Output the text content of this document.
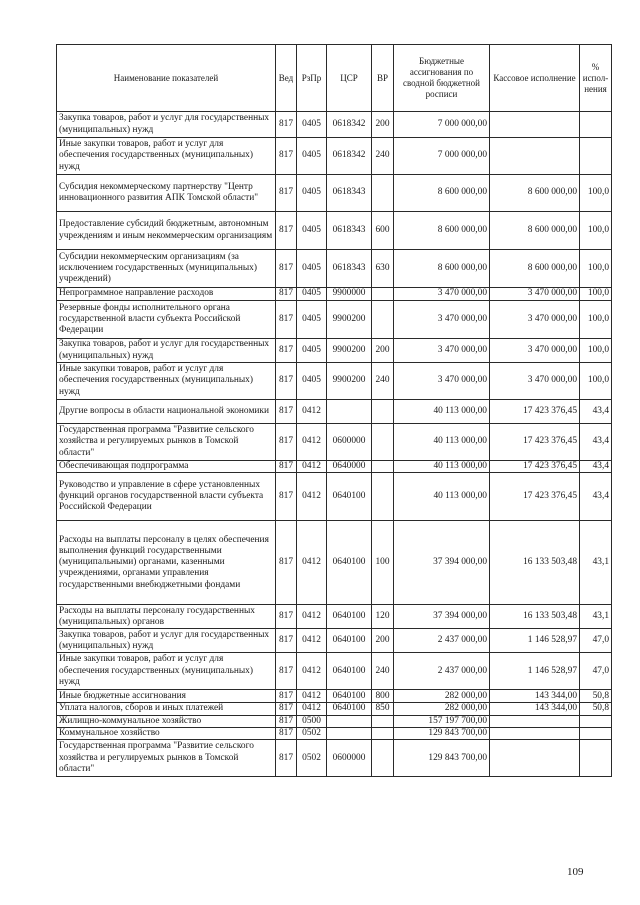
Наименование показателей	Вед	РзПр	ЦСР	ВР	Бюджетные ассигнования по сводной бюджетной росписи	Кассовое исполнение	% испол-нения
Закупка товаров, работ и услуг для государственных (муниципальных) нужд	817	0405	0618342	200	7 000 000,00		
Иные закупки товаров, работ и услуг для обеспечения государственных (муниципальных) нужд	817	0405	0618342	240	7 000 000,00		
Субсидия некоммерческому партнерству "Центр инновационного развития АПК Томской области"	817	0405	0618343		8 600 000,00	8 600 000,00	100,0
Предоставление субсидий бюджетным, автономным учреждениям и иным некоммерческим организациям	817	0405	0618343	600	8 600 000,00	8 600 000,00	100,0
Субсидии некоммерческим организациям (за исключением государственных (муниципальных) учреждений)	817	0405	0618343	630	8 600 000,00	8 600 000,00	100,0
Непрограммное направление расходов	817	0405	9900000		3 470 000,00	3 470 000,00	100,0
Резервные фонды исполнительного органа государственной власти субъекта Российской Федерации	817	0405	9900200		3 470 000,00	3 470 000,00	100,0
Закупка товаров, работ и услуг для государственных (муниципальных) нужд	817	0405	9900200	200	3 470 000,00	3 470 000,00	100,0
Иные закупки товаров, работ и услуг для обеспечения государственных (муниципальных) нужд	817	0405	9900200	240	3 470 000,00	3 470 000,00	100,0
Другие вопросы в области национальной экономики	817	0412			40 113 000,00	17 423 376,45	43,4
Государственная программа "Развитие сельского хозяйства и регулируемых рынков в Томской области"	817	0412	0600000		40 113 000,00	17 423 376,45	43,4
Обеспечивающая подпрограмма	817	0412	0640000		40 113 000,00	17 423 376,45	43,4
Руководство и управление в сфере установленных функций органов государственной власти субъекта Российской Федерации	817	0412	0640100		40 113 000,00	17 423 376,45	43,4
Расходы на выплаты персоналу в целях обеспечения выполнения функций государственными (муниципальными) органами, казенными учреждениями, органами управления государственными внебюджетными фондами	817	0412	0640100	100	37 394 000,00	16 133 503,48	43,1
Расходы на выплаты персоналу государственных (муниципальных) органов	817	0412	0640100	120	37 394 000,00	16 133 503,48	43,1
Закупка товаров, работ и услуг для государственных (муниципальных) нужд	817	0412	0640100	200	2 437 000,00	1 146 528,97	47,0
Иные закупки товаров, работ и услуг для обеспечения государственных (муниципальных) нужд	817	0412	0640100	240	2 437 000,00	1 146 528,97	47,0
Иные бюджетные ассигнования	817	0412	0640100	800	282 000,00	143 344,00	50,8
Уплата налогов, сборов и иных платежей	817	0412	0640100	850	282 000,00	143 344,00	50,8
Жилищно-коммунальное хозяйство	817	0500			157 197 700,00		
Коммунальное хозяйство	817	0502			129 843 700,00		
Государственная программа "Развитие сельского хозяйства и регулируемых рынков в Томской области"	817	0502	0600000		129 843 700,00		
109
